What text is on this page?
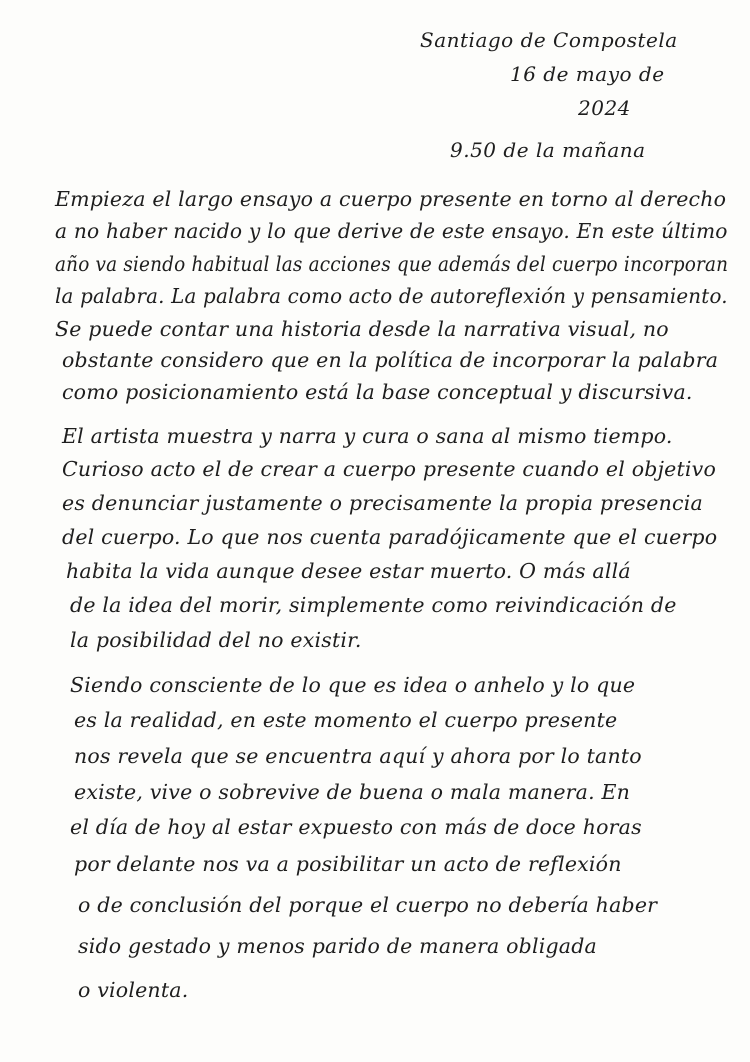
Santiago de Compostela
16 de mayo de
2024
9.50 de la mañana
Empieza el largo ensayo a cuerpo presente en torno al derecho
a no haber nacido y lo que derive de este ensayo. En este último
año va siendo habitual las acciones que además del cuerpo incorporan
la palabra. La palabra como acto de autoreflexión y pensamiento.
Se puede contar una historia desde la narrativa visual, no
obstante considero que en la política de incorporar la palabra
como posicionamiento está la base conceptual y discursiva.
El artista muestra y narra y cura o sana al mismo tiempo.
Curioso acto el de crear a cuerpo presente cuando el objetivo
es denunciar justamente o precisamente la propia presencia
del cuerpo. Lo que nos cuenta paradójicamente que el cuerpo
habita la vida aunque desee estar muerto. O más allá
de la idea del morir, simplemente como reivindicación de
la posibilidad del no existir.
Siendo consciente de lo que es idea o anhelo y lo que
es la realidad, en este momento el cuerpo presente
nos revela que se encuentra aquí y ahora por lo tanto
existe, vive o sobrevive de buena o mala manera. En
el día de hoy al estar expuesto con más de doce horas
por delante nos va a posibilitar un acto de reflexión
o de conclusión del porque el cuerpo no debería haber
sido gestado y menos parido de manera obligada
o violenta.
